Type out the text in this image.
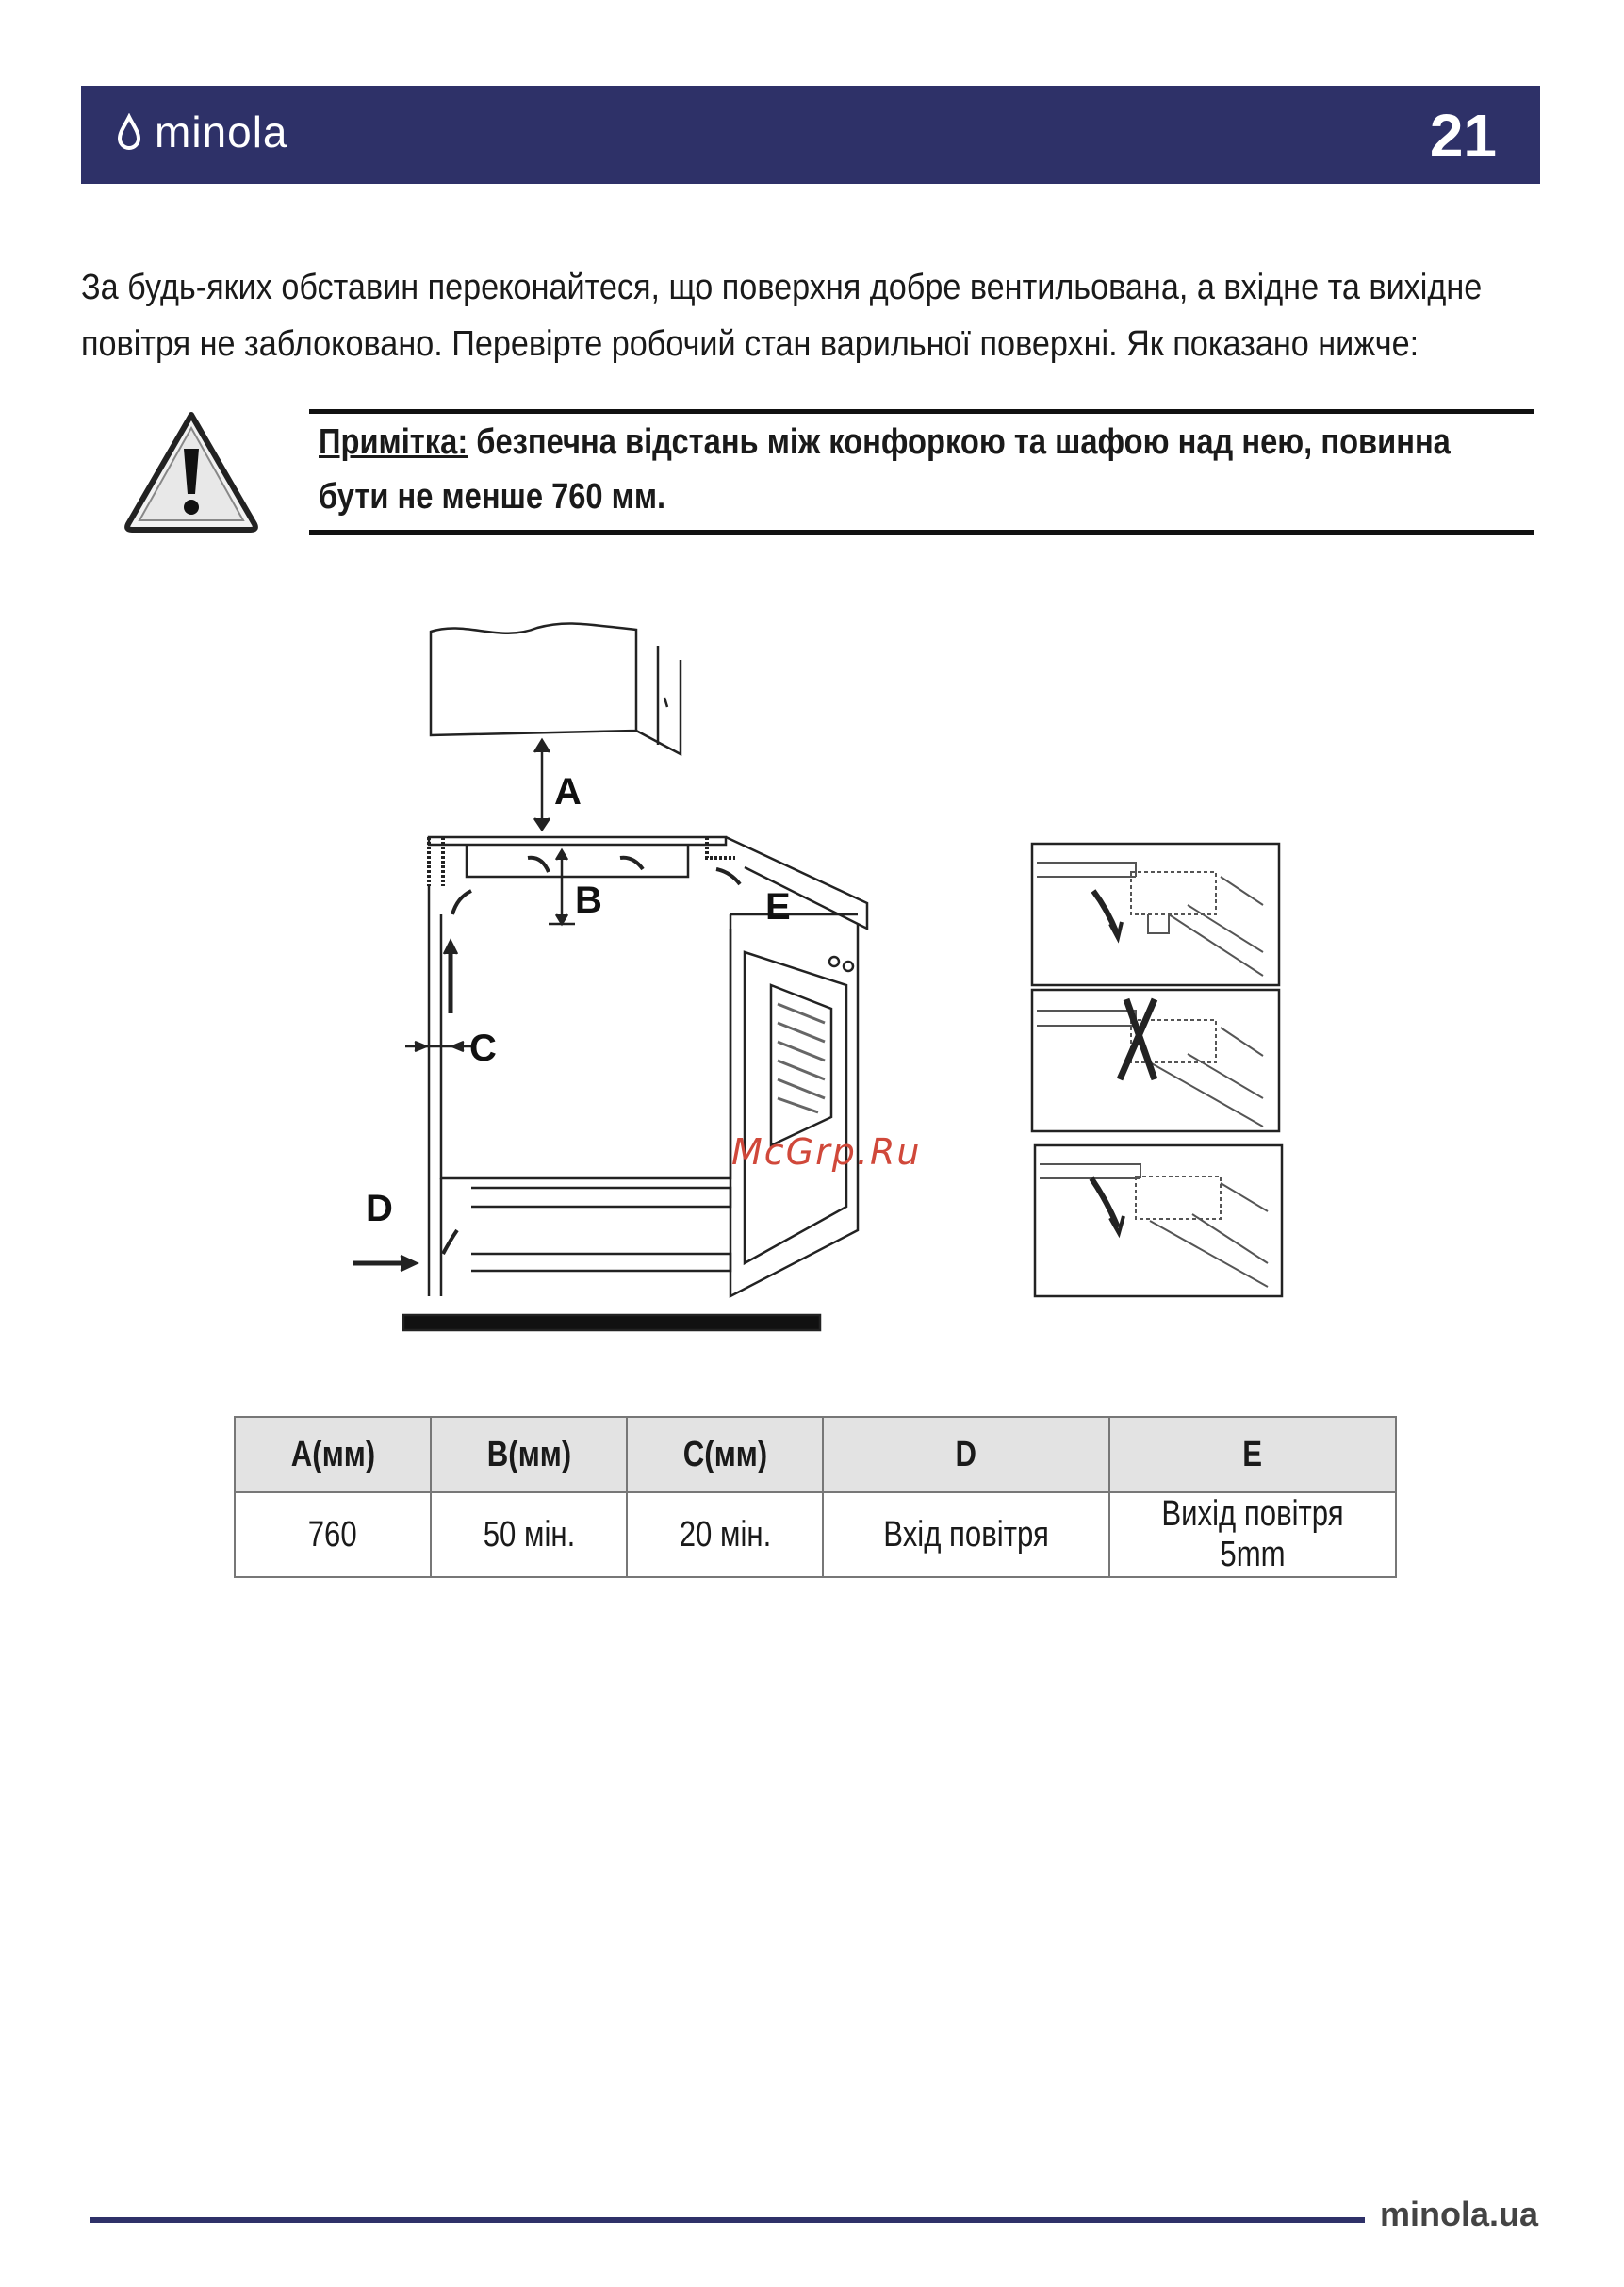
minola	21
За будь-яких обставин переконайтеся, що поверхня добре вентильована, а вхідне та вихідне
повітря не заблоковано. Перевірте робочий стан варильної поверхні. Як показано нижче:
Примітка: безпечна відстань між конфоркою та шафою над нею, повинна
бути не менше 760 мм.
A
B
C
D
E
McGrp.Ru
A(мм)	B(мм)	C(мм)	D	E
760	50 мін.	20 мін.	Вхід повітря	Вихід повітря 5mm
minola.ua
